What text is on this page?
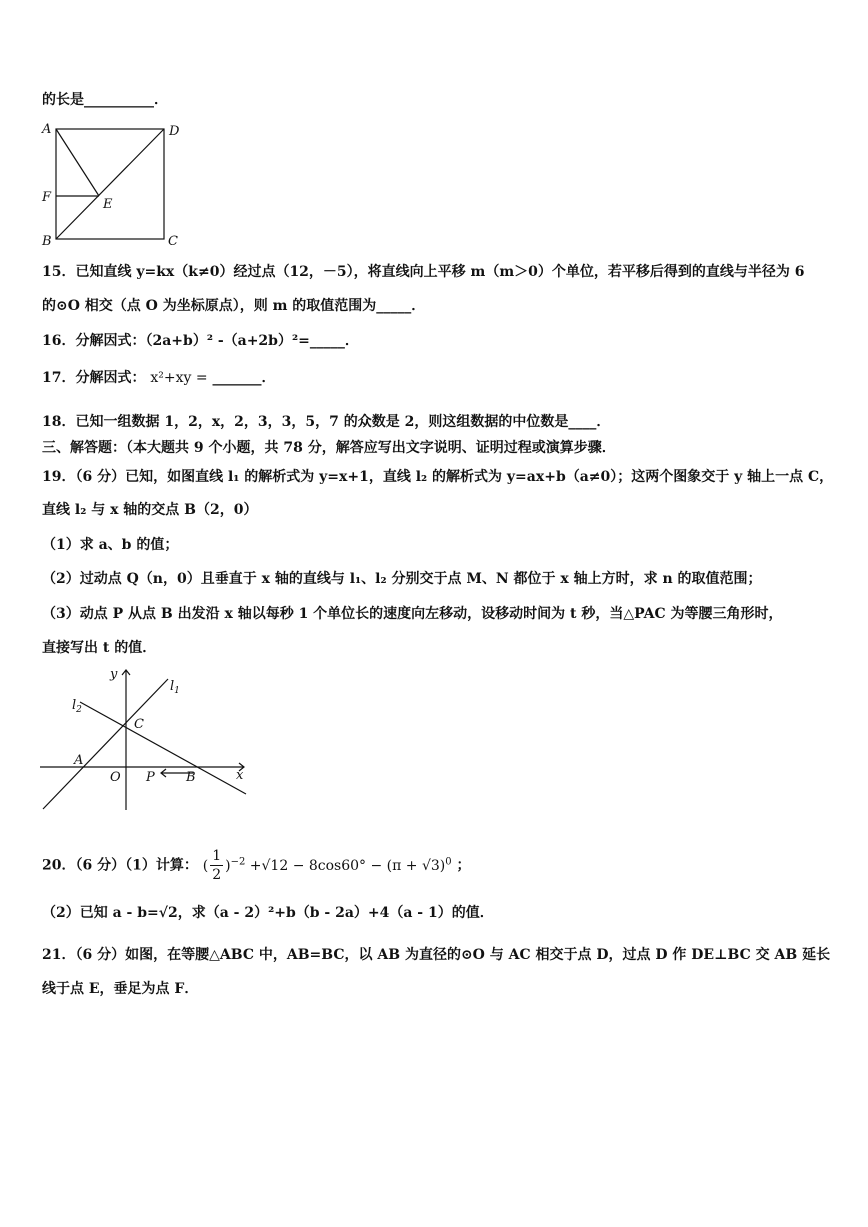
的长是__________．
A	D
F	E
B	C
15．已知直线 y=kx（k≠0）经过点（12，－5），将直线向上平移 m（m＞0）个单位，若平移后得到的直线与半径为 6
的⊙O 相交（点 O 为坐标原点），则 m 的取值范围为_____．
16．分解因式：（2a+b）² -（a+2b）²=_____．
17．分解因式： x²+xy = _______．
18．已知一组数据 1，2，x，2，3，3，5，7 的众数是 2，则这组数据的中位数是____．
三、解答题：（本大题共 9 个小题，共 78 分，解答应写出文字说明、证明过程或演算步骤．
19．（6 分）已知，如图直线 l₁ 的解析式为 y=x+1，直线 l₂ 的解析式为 y=ax+b（a≠0）；这两个图象交于 y 轴上一点 C，
直线 l₂ 与 x 轴的交点 B（2，0）
（1）求 a、b 的值；
（2）过动点 Q（n，0）且垂直于 x 轴的直线与 l₁、l₂ 分别交于点 M、N 都位于 x 轴上方时，求 n 的取值范围；
（3）动点 P 从点 B 出发沿 x 轴以每秒 1 个单位长的速度向左移动，设移动时间为 t 秒，当△PAC 为等腰三角形时，
直接写出 t 的值．
y
$l_1$
$l_2$
C
A
O P B	x
20．（6 分）（1）计算： ( $\frac{1}{2} )^{-2} +√12 - 8\cos 60^\circ - (\pi + √3)^0$ ；
（2）已知 a - b=√2，求（a - 2）²+b（b - 2a）+4（a - 1）的值．
21．（6 分）如图，在等腰△ABC 中，AB=BC，以 AB 为直径的⊙O 与 AC 相交于点 D，过点 D 作 DE⊥BC 交 AB 延长
线于点 E，垂足为点 F．
